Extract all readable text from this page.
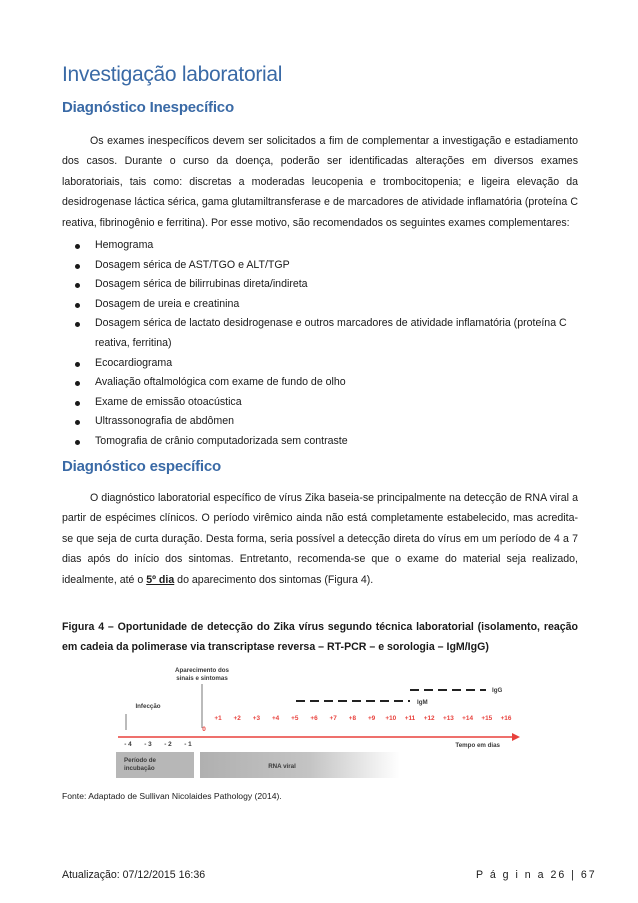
Investigação laboratorial
Diagnóstico Inespecífico

Os exames inespecíficos devem ser solicitados a fim de complementar a investigação e estadiamento dos casos. Durante o curso da doença, poderão ser identificadas alterações em diversos exames laboratoriais, tais como: discretas a moderadas leucopenia e trombocitopenia; e ligeira elevação da desidrogenase láctica sérica, gama glutamiltransferase e de marcadores de atividade inflamatória (proteína C reativa, fibrinogênio e ferritina). Por esse motivo, são recomendados os seguintes exames complementares:

Hemograma
Dosagem sérica de AST/TGO e ALT/TGP
Dosagem sérica de bilirrubinas direta/indireta
Dosagem de ureia e creatinina
Dosagem sérica de lactato desidrogenase e outros marcadores de atividade inflamatória (proteína C reativa, ferritina)
Ecocardiograma
Avaliação oftalmológica com exame de fundo de olho
Exame de emissão otoacústica
Ultrassonografia de abdômen
Tomografia de crânio computadorizada sem contraste
Diagnóstico específico

O diagnóstico laboratorial específico de vírus Zika baseia-se principalmente na detecção de RNA viral a partir de espécimes clínicos. O período virêmico ainda não está completamente estabelecido, mas acredita-se que seja de curta duração. Desta forma, seria possível a detecção direta do vírus em um período de 4 a 7 dias após do início dos sintomas. Entretanto, recomenda-se que o exame do material seja realizado, idealmente, até o 5º dia do aparecimento dos sintomas (Figura 4).

Figura 4 – Oportunidade de detecção do Zika vírus segundo técnica laboratorial (isolamento, reação em cadeia da polimerase via transcriptase reversa – RT-PCR – e sorologia – IgM/IgG)
Aparecimento dos
sinais e sintomas
Infecção
IgG
IgM
+1 +2 +3 +4 +5 +6 +7 +8 +9 +10 +11 +12 +13 +14 +15 +16
- 4 - 3 - 2 - 1
0
Tempo em dias
Período de incubação	RNA viral
Fonte: Adaptado de Sullivan Nicolaides Pathology (2014).
Atualização: 07/12/2015 16:36	P á g i n a 26 | 67
